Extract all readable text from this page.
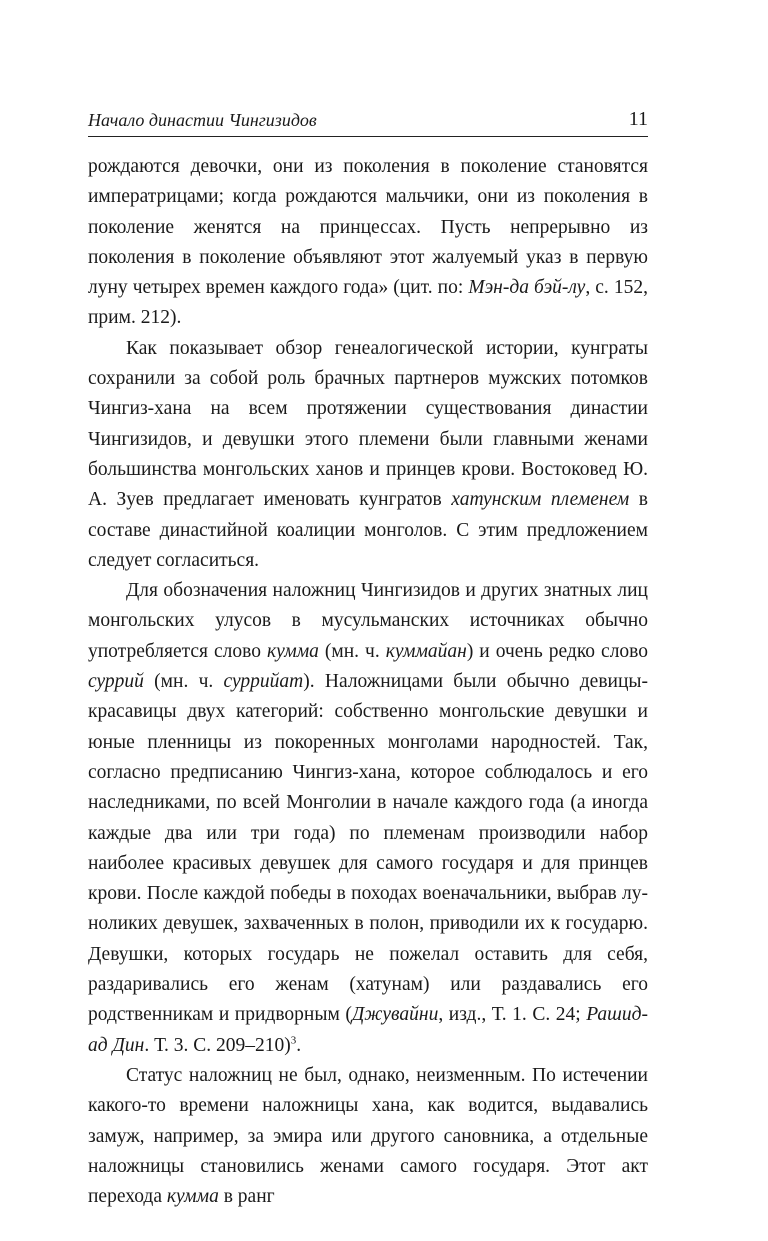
Начало династии Чингизидов	11

рождаются девочки, они из поколения в поколение становятся императрицами; когда рождаются мальчики, они из поколения в поколение женятся на принцессах. Пусть непрерывно из поколения в поколение объявляют этот жалуемый указ в первую луну четырех времен каждого года» (цит. по: Мэн-да бэй-лу, с. 152, прим. 212).

Как показывает обзор генеалогической истории, кунграты сохранили за собой роль брачных партнеров мужских потомков Чингиз-хана на всем протяжении существования династии Чингизидов, и девушки этого племени были главными женами большинства монгольских ханов и принцев крови. Востоковед Ю. А. Зуев предлагает именовать кунгратов хатунским племенем в составе династийной коалиции монголов. С этим предложением следует согласиться.

Для обозначения наложниц Чингизидов и других знатных лиц монгольских улусов в мусульманских источниках обычно употребляется слово кумма (мн. ч. куммайан) и очень редко слово суррий (мн. ч. суррийат). Наложницами были обычно девицы-красавицы двух категорий: собственно монгольские девушки и юные пленницы из покоренных монголами народностей. Так, согласно предписанию Чингиз-хана, которое соблюдалось и его наследниками, по всей Монголии в начале каждого года (а иногда каждые два или три года) по племенам производили набор наиболее красивых девушек для самого государя и для принцев крови. После каждой победы в походах военачальники, выбрав луноликих девушек, захваченных в полон, приводили их к государю. Девушки, которых государь не пожелал оставить для себя, раздаривались его женам (хатунам) или раздавались его родственникам и придворным (Джувайни, изд., Т. 1. С. 24; Рашид-ад Дин. Т. 3. С. 209–210)$^3$.

Статус наложниц не был, однако, неизменным. По истечении какого-то времени наложницы хана, как водится, выдавались замуж, например, за эмира или другого сановника, а отдельные наложницы становились женами самого государя. Этот акт перехода кумма в ранг
